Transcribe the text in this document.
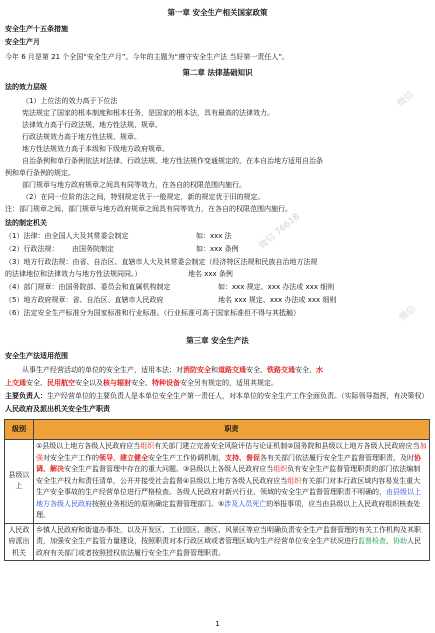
微信
微信 76618
微信
第一章 安全生产相关国家政策
安全生产十五条措施
安全生产月
今年 6 月是第 21 个全国“安全生产月”。今年的主题为“遵守安全生产法 当好第一责任人”。
第二章 法律基础知识
法的效力层级
（1）上位法的效力高于下位法
宪法规定了国家的根本制度和根本任务，是国家的根本法，具有最高的法律效力。
法律效力高于行政法规、地方性法规、规章。
行政法规效力高于地方性法规、规章。
地方性法规效力高于本级和下级地方政府规章。
自治条例和单行条例依法对法律、行政法规、地方性法规作变通规定的，在本自治地方适用自治条
例和单行条例的规定。
部门规章与地方政府规章之间具有同等效力，在各自的权限范围内施行。
（2）在同一位阶的法之间，特别规定优于一般规定，新的规定优于旧的规定。
注：部门规章之间、部门规章与地方政府规章之间具有同等效力，在各自的权限范围内施行。
法的制定机关
（1）法律：由全国人大及其常委会制定	如：xxx 法
（2）行政法规： 由国务院制定	如：xxx 条例
（3）地方行政法规：由省、自治区、直辖市人大及其常委会制定（经济特区法规和民族自治地方法规
的法律地位和法律效力与地方性法规同同。）	地名 xxx 条例
（4）部门规章：由国务院部、委员会和直属机构制定	如：xxx 规定、xxx 办法或 xxx 细则
（5）地方政府规章：省、自治区、直辖市人民政府	地名 xxx 规定、xxx 办法或 xxx 细则
（6）法定安全生产标准分为国家标准和行业标准。（行业标准可高于国家标准但不得与其抵触）
第三章 安全生产法
安全生产法适用范围
从事生产经营活动的单位的安全生产，适用本法；对消防安全和道路交通安全、铁路交通安全、水
上交通安全、民用航空安全以及核与辐射安全、特种设备安全另有规定的，适用其规定。
主要负责人：生产经营单位的主要负责人是本单位安全生产第一责任人，对本单位的安全生产工作全面负责。（实际领导指挥，有决策权）
人民政府及派出机关安全生产职责
级别	职责
县级以上	①县级以上地方各级人民政府应当组织有关部门建立完善安全风险评估与论证机制②国务院和县级以上地方各级人民政府应当加强对安全生产工作的领导，建立健全安全生产工作协调机制，支持、督促各有关部门依法履行安全生产监督管理职责，及时协调、解决安全生产监督管理中存在的重大问题。③县级以上各级人民政府应当组织负有安全生产监督管理职责的部门依法编制安全生产权力和责任清单，公开并接受社会监督④县级以上地方各级人民政府应当组织有关部门对本行政区域内容易发生重大生产安全事故的生产经营单位进行严格检查。各级人民政府对新兴行业、领域的安全生产监督管理职责不明确的，由县级以上地方各级人民政府按照业务相近的原则确定监督管理部门。⑤涉及人员死亡的举报事项，应当由县级以上人民政府组织核查处理。
人民政府派出机关	乡镇人民政府和街道办事处，以及开发区、工业园区、港区、风景区等应当明确负责安全生产监督管理的有关工作机构及其职责，加强安全生产监管力量建设，按照职责对本行政区域或者管理区域内生产经营单位安全生产状况进行监督检查，协助人民政府有关部门或者按照授权依法履行安全生产监督管理职责。
1
